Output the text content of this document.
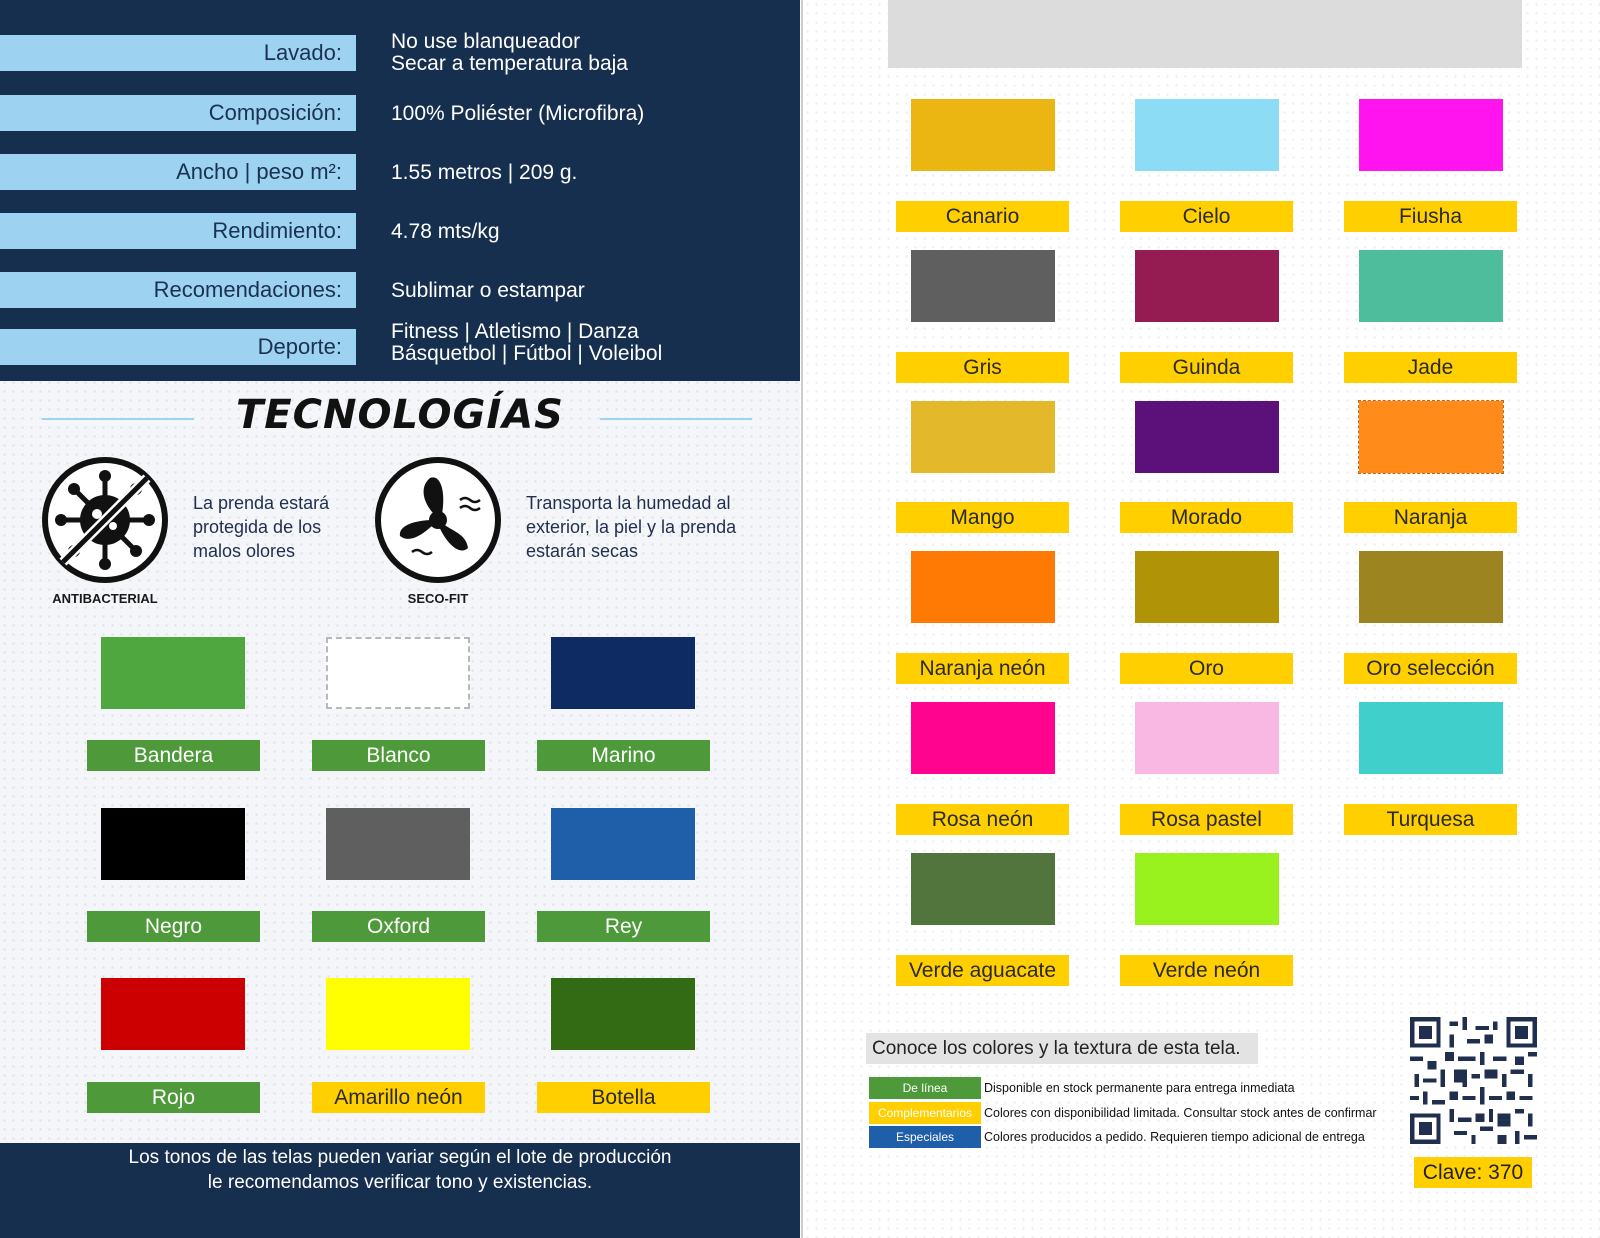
Lavado:	No use blanqueador
Secar a temperatura baja
Composición:	100% Poliéster (Microfibra)
Ancho | peso m²:	1.55 metros | 209 g.
Rendimiento:	4.78 mts/kg
Recomendaciones:	Sublimar o estampar
Deporte:
Fitness | Atletismo | Danza
Básquetbol | Fútbol | Voleibol
TECNOLOGÍAS
ANTIBACTERIAL
La prenda estará
protegida de los
malos olores
SECO-FIT
Transporta la humedad al
exterior, la piel y la prenda
estarán secas
Bandera	Blanco	Marino
Negro	Oxford	Rey
Rojo	Amarillo neón	Botella
Los tonos de las telas pueden variar según el lote de producción
le recomendamos verificar tono y existencias.
Canario	Cielo	Fiusha
Gris	Guinda	Jade
Mango	Morado	Naranja
Naranja neón	Oro	Oro selección
Rosa neón	Rosa pastel	Turquesa
Verde aguacate	Verde neón
Conoce los colores y la textura de esta tela.
De línea	Disponible en stock permanente para entrega inmediata
Complementarios Colores con disponibilidad limitada. Consultar stock antes de confirmar
Especiales	Colores producidos a pedido. Requieren tiempo adicional de entrega
Clave: 370
